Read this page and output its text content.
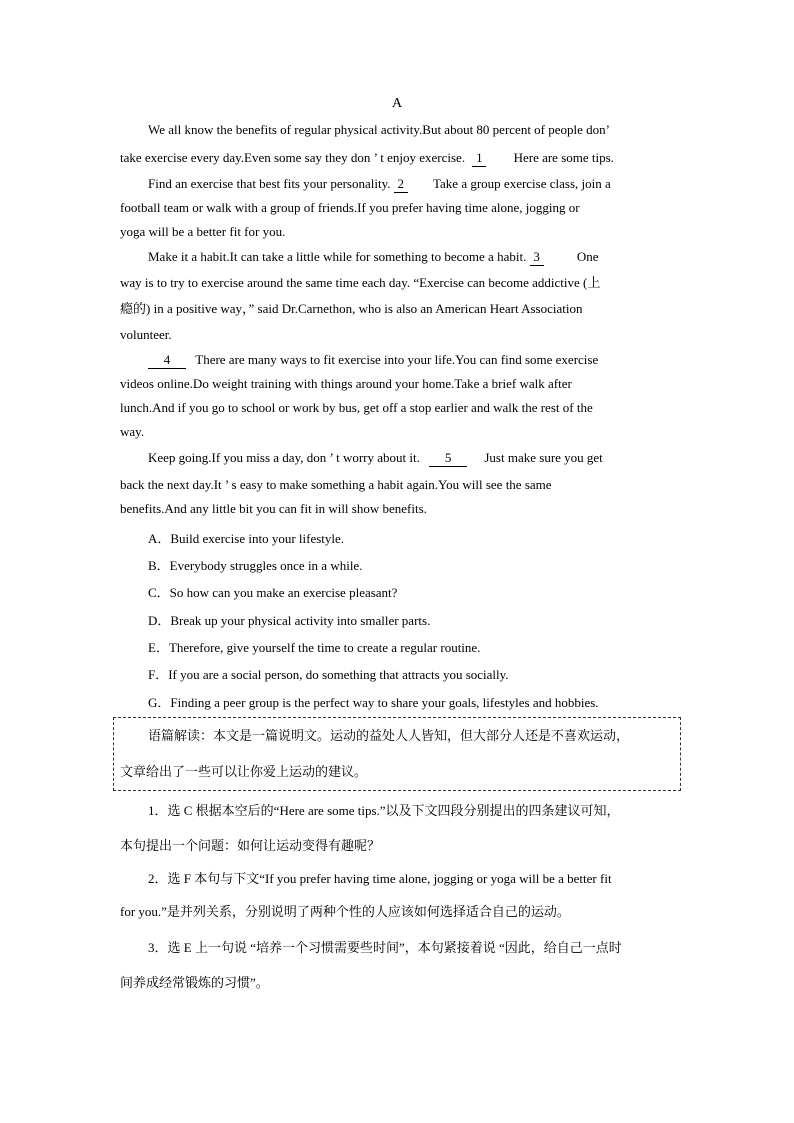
A
We all know the benefits of regular physical activity.But about 80 percent of people don’
take exercise every day.Even some say they don ’ t enjoy exercise. 1 Here are some tips.
Find an exercise that best fits your personality. 2 Take a group exercise class, join a
football team or walk with a group of friends.If you prefer having time alone, jogging or
yoga will be a better fit for you.
Make it a habit.It can take a little while for something to become a habit. 3	One
way is to try to exercise around the same time each day. “Exercise can become addictive (上
瘾的) in a positive way，” said Dr.Carnethon, who is also an American Heart Association
volunteer.
4 There are many ways to fit exercise into your life.You can find some exercise
videos online.Do weight training with things around your home.Take a brief walk after
lunch.And if you go to school or work by bus, get off a stop earlier and walk the rest of the
way.
Keep going.If you miss a day, don ’ t worry about it. 5	Just make sure you get
back the next day.It ’ s easy to make something a habit again.You will see the same
benefits.And any little bit you can fit in will show benefits.
A．Build exercise into your lifestyle.
B．Everybody struggles once in a while.
C．So how can you make an exercise pleasant?
D．Break up your physical activity into smaller parts.
E．Therefore, give yourself the time to create a regular routine.
F．If you are a social person, do something that attracts you socially.
G．Finding a peer group is the perfect way to share your goals, lifestyles and hobbies.
语篇解读：本文是一篇说明文。运动的益处人人皆知，但大部分人还是不喜欢运动，
文章给出了一些可以让你爱上运动的建议。
1．选 C 根据本空后的“Here are some tips.”以及下文四段分别提出的四条建议可知，
本句提出一个问题：如何让运动变得有趣呢？
2．选 F 本句与下文“If you prefer having time alone, jogging or yoga will be a better fit
for you.”是并列关系，分别说明了两种个性的人应该如何选择适合自己的运动。
3．选 E 上一句说 “培养一个习惯需要些时间”，本句紧接着说 “因此，给自己一点时
间养成经常锻炼的习惯”。
